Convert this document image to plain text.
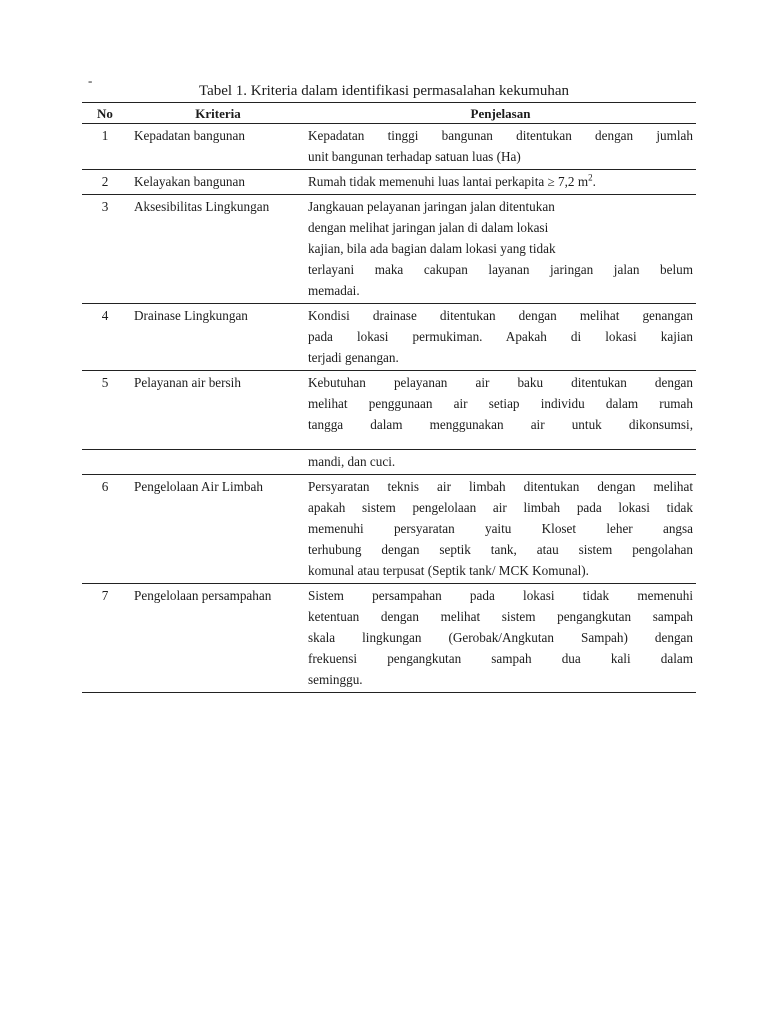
-
Tabel 1. Kriteria dalam identifikasi permasalahan kekumuhan
No	Kriteria	Penjelasan
1	Kepadatan bangunan	Kepadatan tinggi bangunan ditentukan dengan jumlah
unit bangunan terhadap satuan luas (Ha)

2	Kelayakan bangunan	Rumah tidak memenuhi luas lantai perkapita ≥ 7,2 $m^2$.

3	Aksesibilitas Lingkungan	Jangkauan pelayanan jaringan jalan ditentukan
dengan melihat jaringan jalan di dalam lokasi
kajian, bila ada bagian dalam lokasi yang tidak
terlayani maka cakupan layanan jaringan jalan belum
memadai.

4	Drainase Lingkungan	Kondisi drainase ditentukan dengan melihat genangan
pada lokasi permukiman. Apakah di lokasi kajian
terjadi genangan.

5	Pelayanan air bersih	Kebutuhan pelayanan air baku ditentukan dengan
melihat penggunaan air setiap individu dalam rumah
tangga dalam menggunakan air untuk dikonsumsi,

		mandi, dan cuci.

6	Pengelolaan Air Limbah	Persyaratan teknis air limbah ditentukan dengan melihat
apakah sistem pengelolaan air limbah pada lokasi tidak
memenuhi persyaratan yaitu Kloset leher angsa
terhubung dengan septik tank, atau sistem pengolahan
komunal atau terpusat (Septik tank/ MCK Komunal).

7	Pengelolaan persampahan	Sistem persampahan pada lokasi tidak memenuhi
ketentuan dengan melihat sistem pengangkutan sampah
skala lingkungan (Gerobak/Angkutan Sampah) dengan
frekuensi pengangkutan sampah dua kali dalam
seminggu.
